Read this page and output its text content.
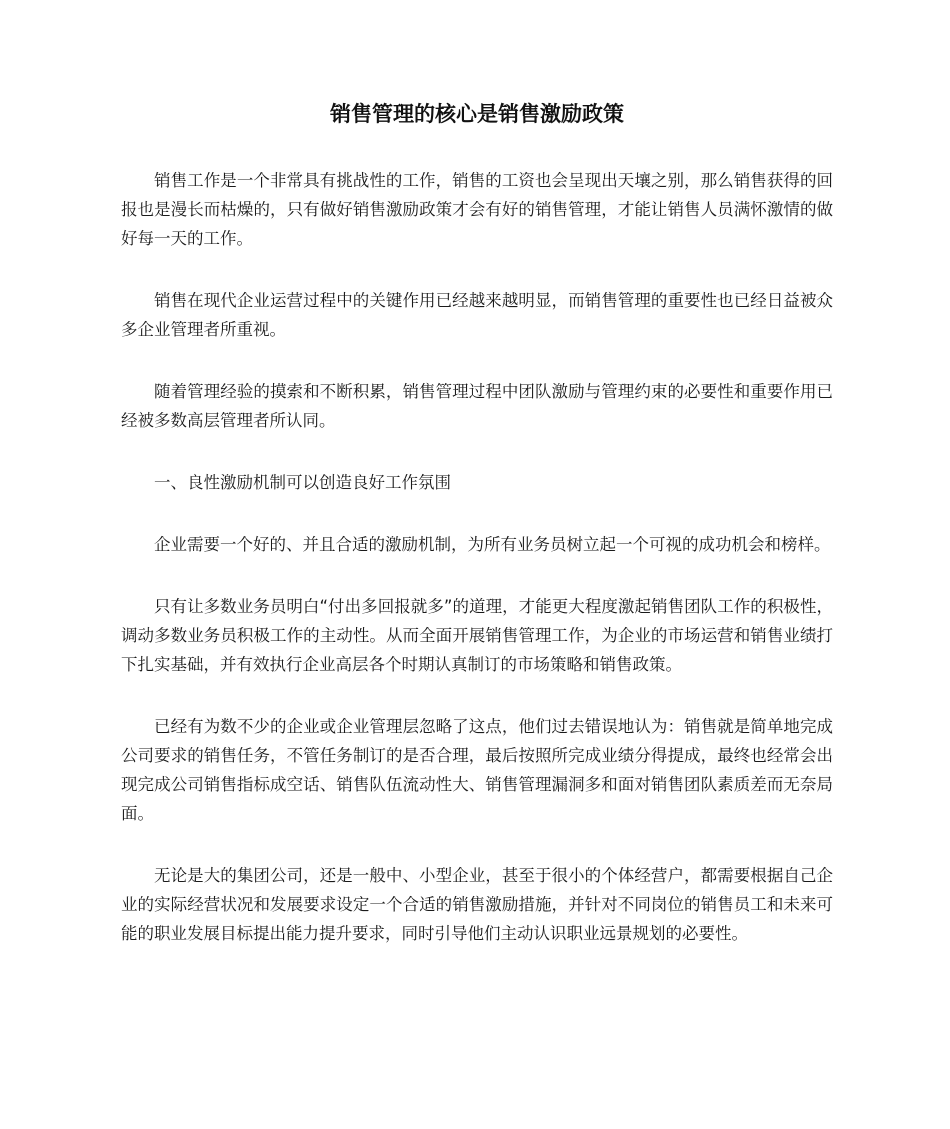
销售管理的核心是销售激励政策

销售工作是一个非常具有挑战性的工作，销售的工资也会呈现出天壤之别，那么销售获得的回报也是漫长而枯燥的，只有做好销售激励政策才会有好的销售管理，才能让销售人员满怀激情的做好每一天的工作。

销售在现代企业运营过程中的关键作用已经越来越明显，而销售管理的重要性也已经日益被众多企业管理者所重视。

随着管理经验的摸索和不断积累，销售管理过程中团队激励与管理约束的必要性和重要作用已经被多数高层管理者所认同。

一、良性激励机制可以创造良好工作氛围

企业需要一个好的、并且合适的激励机制，为所有业务员树立起一个可视的成功机会和榜样。

只有让多数业务员明白“付出多回报就多”的道理，才能更大程度激起销售团队工作的积极性，调动多数业务员积极工作的主动性。从而全面开展销售管理工作，为企业的市场运营和销售业绩打下扎实基础，并有效执行企业高层各个时期认真制订的市场策略和销售政策。

已经有为数不少的企业或企业管理层忽略了这点，他们过去错误地认为：销售就是简单地完成公司要求的销售任务，不管任务制订的是否合理，最后按照所完成业绩分得提成，最终也经常会出现完成公司销售指标成空话、销售队伍流动性大、销售管理漏洞多和面对销售团队素质差而无奈局面。

无论是大的集团公司，还是一般中、小型企业，甚至于很小的个体经营户，都需要根据自己企业的实际经营状况和发展要求设定一个合适的销售激励措施，并针对不同岗位的销售员工和未来可能的职业发展目标提出能力提升要求，同时引导他们主动认识职业远景规划的必要性。
